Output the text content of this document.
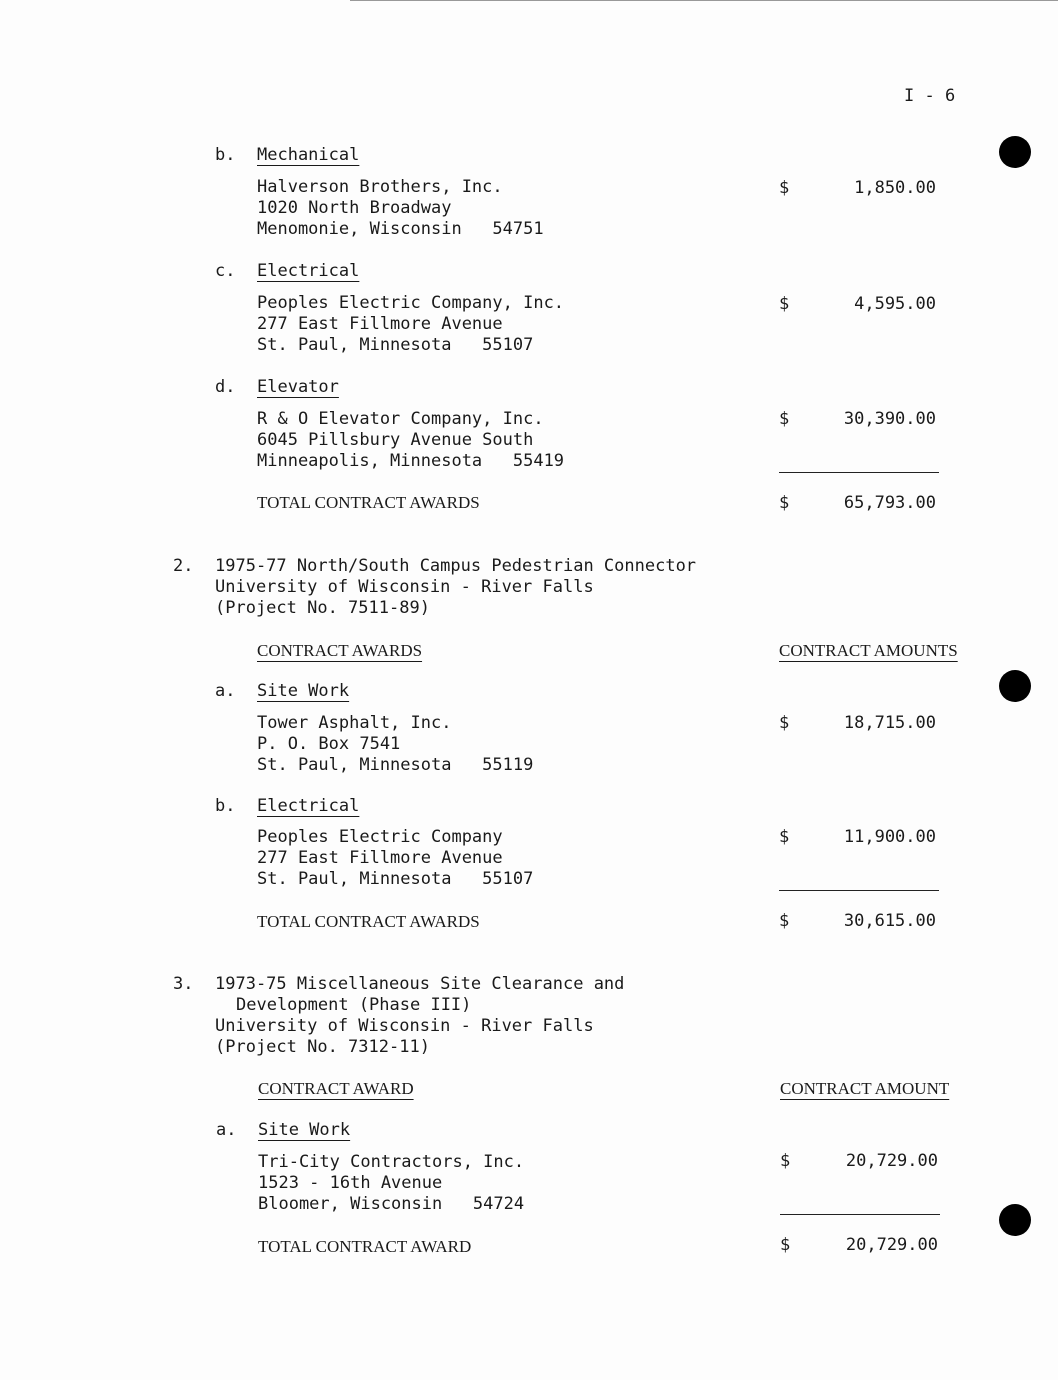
I - 6
b. Mechanical
Halverson Brothers, Inc.
1020 North Broadway
Menomonie, Wisconsin   54751
$	1,850.00
c. Electrical
Peoples Electric Company, Inc.
277 East Fillmore Avenue
St. Paul, Minnesota   55107
$	4,595.00
d. Elevator
R & O Elevator Company, Inc.
6045 Pillsbury Avenue South
Minneapolis, Minnesota   55419
$	30,390.00
TOTAL CONTRACT AWARDS	$	65,793.00
2. 1975-77 North/South Campus Pedestrian Connector
University of Wisconsin - River Falls
(Project No. 7511-89)
CONTRACT AWARDS	CONTRACT AMOUNTS
a. Site Work
Tower Asphalt, Inc.
P. O. Box 7541
St. Paul, Minnesota   55119
$	18,715.00
b. Electrical
Peoples Electric Company
277 East Fillmore Avenue
St. Paul, Minnesota   55107
$	11,900.00
TOTAL CONTRACT AWARDS	$	30,615.00
3. 1973-75 Miscellaneous Site Clearance and
Development (Phase III)
University of Wisconsin - River Falls
(Project No. 7312-11)
CONTRACT AWARD	CONTRACT AMOUNT
a. Site Work
Tri-City Contractors, Inc.
1523 - 16th Avenue
Bloomer, Wisconsin   54724
$	20,729.00
TOTAL CONTRACT AWARD	$	20,729.00
